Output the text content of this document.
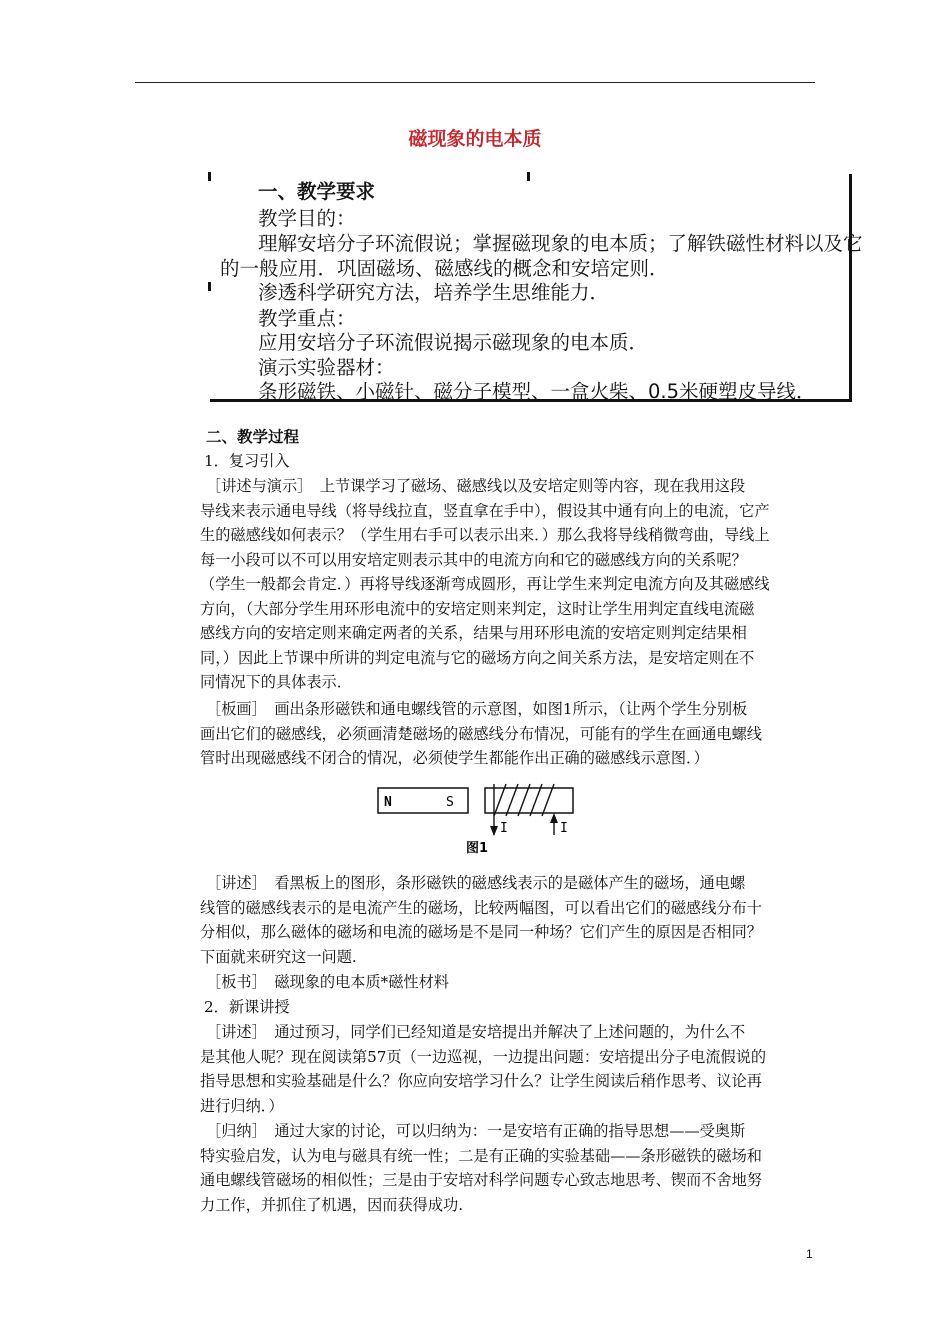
磁现象的电本质
一、教学要求
教学目的：
理解安培分子环流假说；掌握磁现象的电本质；了解铁磁性材料以及它
的一般应用．巩固磁场、磁感线的概念和安培定则．
渗透科学研究方法，培养学生思维能力．
教学重点：
应用安培分子环流假说揭示磁现象的电本质．
演示实验器材：
条形磁铁、小磁针、磁分子模型、一盒火柴、0.5米硬塑皮导线．
二、教学过程
1．复习引入
［讲述与演示］　上节课学习了磁场、磁感线以及安培定则等内容，现在我用这段
导线来表示通电导线（将导线拉直，竖直拿在手中），假设其中通有向上的电流，它产
生的磁感线如何表示？（学生用右手可以表示出来．）那么我将导线稍微弯曲，导线上
每一小段可以不可以用安培定则表示其中的电流方向和它的磁感线方向的关系呢？
（学生一般都会肯定．）再将导线逐渐弯成圆形，再让学生来判定电流方向及其磁感线
方向，（大部分学生用环形电流中的安培定则来判定，这时让学生用判定直线电流磁
感线方向的安培定则来确定两者的关系，结果与用环形电流的安培定则判定结果相
同，）因此上节课中所讲的判定电流与它的磁场方向之间关系方法，是安培定则在不
同情况下的具体表示．
［板画］　画出条形磁铁和通电螺线管的示意图，如图1所示，（让两个学生分别板
画出它们的磁感线，必须画清楚磁场的磁感线分布情况，可能有的学生在画通电螺线
管时出现磁感线不闭合的情况，必须使学生都能作出正确的磁感线示意图．）
N	S
I	I
图1
［讲述］　看黑板上的图形，条形磁铁的磁感线表示的是磁体产生的磁场，通电螺
线管的磁感线表示的是电流产生的磁场，比较两幅图，可以看出它们的磁感线分布十
分相似，那么磁体的磁场和电流的磁场是不是同一种场？它们产生的原因是否相同？
下面就来研究这一问题.
［板书］　磁现象的电本质*磁性材料
2．新课讲授
［讲述］　通过预习，同学们已经知道是安培提出并解决了上述问题的，为什么不
是其他人呢？现在阅读第57页（一边巡视，一边提出问题：安培提出分子电流假说的
指导思想和实验基础是什么？你应向安培学习什么？让学生阅读后稍作思考、议论再
进行归纳．）
［归纳］　通过大家的讨论，可以归纳为：一是安培有正确的指导思想——受奥斯
特实验启发，认为电与磁具有统一性；二是有正确的实验基础——条形磁铁的磁场和
通电螺线管磁场的相似性；三是由于安培对科学问题专心致志地思考、锲而不舍地努
力工作，并抓住了机遇，因而获得成功.
1
